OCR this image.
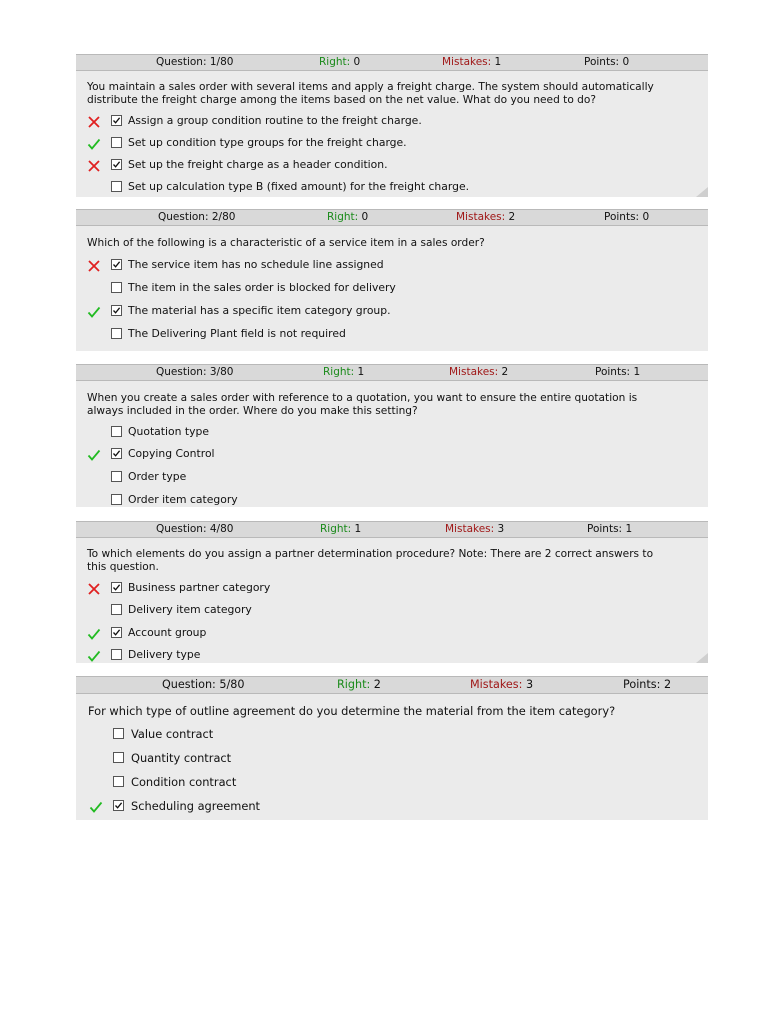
Question: 1/80	Right: 0	Mistakes: 1	Points: 0
You maintain a sales order with several items and apply a freight charge. The system should automatically
distribute the freight charge among the items based on the net value. What do you need to do?
Assign a group condition routine to the freight charge.
Set up condition type groups for the freight charge.
Set up the freight charge as a header condition.
Set up calculation type B (fixed amount) for the freight charge.
Question: 2/80	Right: 0	Mistakes: 2	Points: 0
Which of the following is a characteristic of a service item in a sales order?
The service item has no schedule line assigned
The item in the sales order is blocked for delivery
The material has a specific item category group.
The Delivering Plant field is not required
Question: 3/80	Right: 1	Mistakes: 2	Points: 1
When you create a sales order with reference to a quotation, you want to ensure the entire quotation is
always included in the order. Where do you make this setting?
Quotation type
Copying Control
Order type
Order item category
Question: 4/80	Right: 1	Mistakes: 3	Points: 1
To which elements do you assign a partner determination procedure? Note: There are 2 correct answers to
this question.
Business partner category
Delivery item category
Account group
Delivery type
Question: 5/80	Right: 2	Mistakes: 3	Points: 2
For which type of outline agreement do you determine the material from the item category?
Value contract
Quantity contract
Condition contract
Scheduling agreement
